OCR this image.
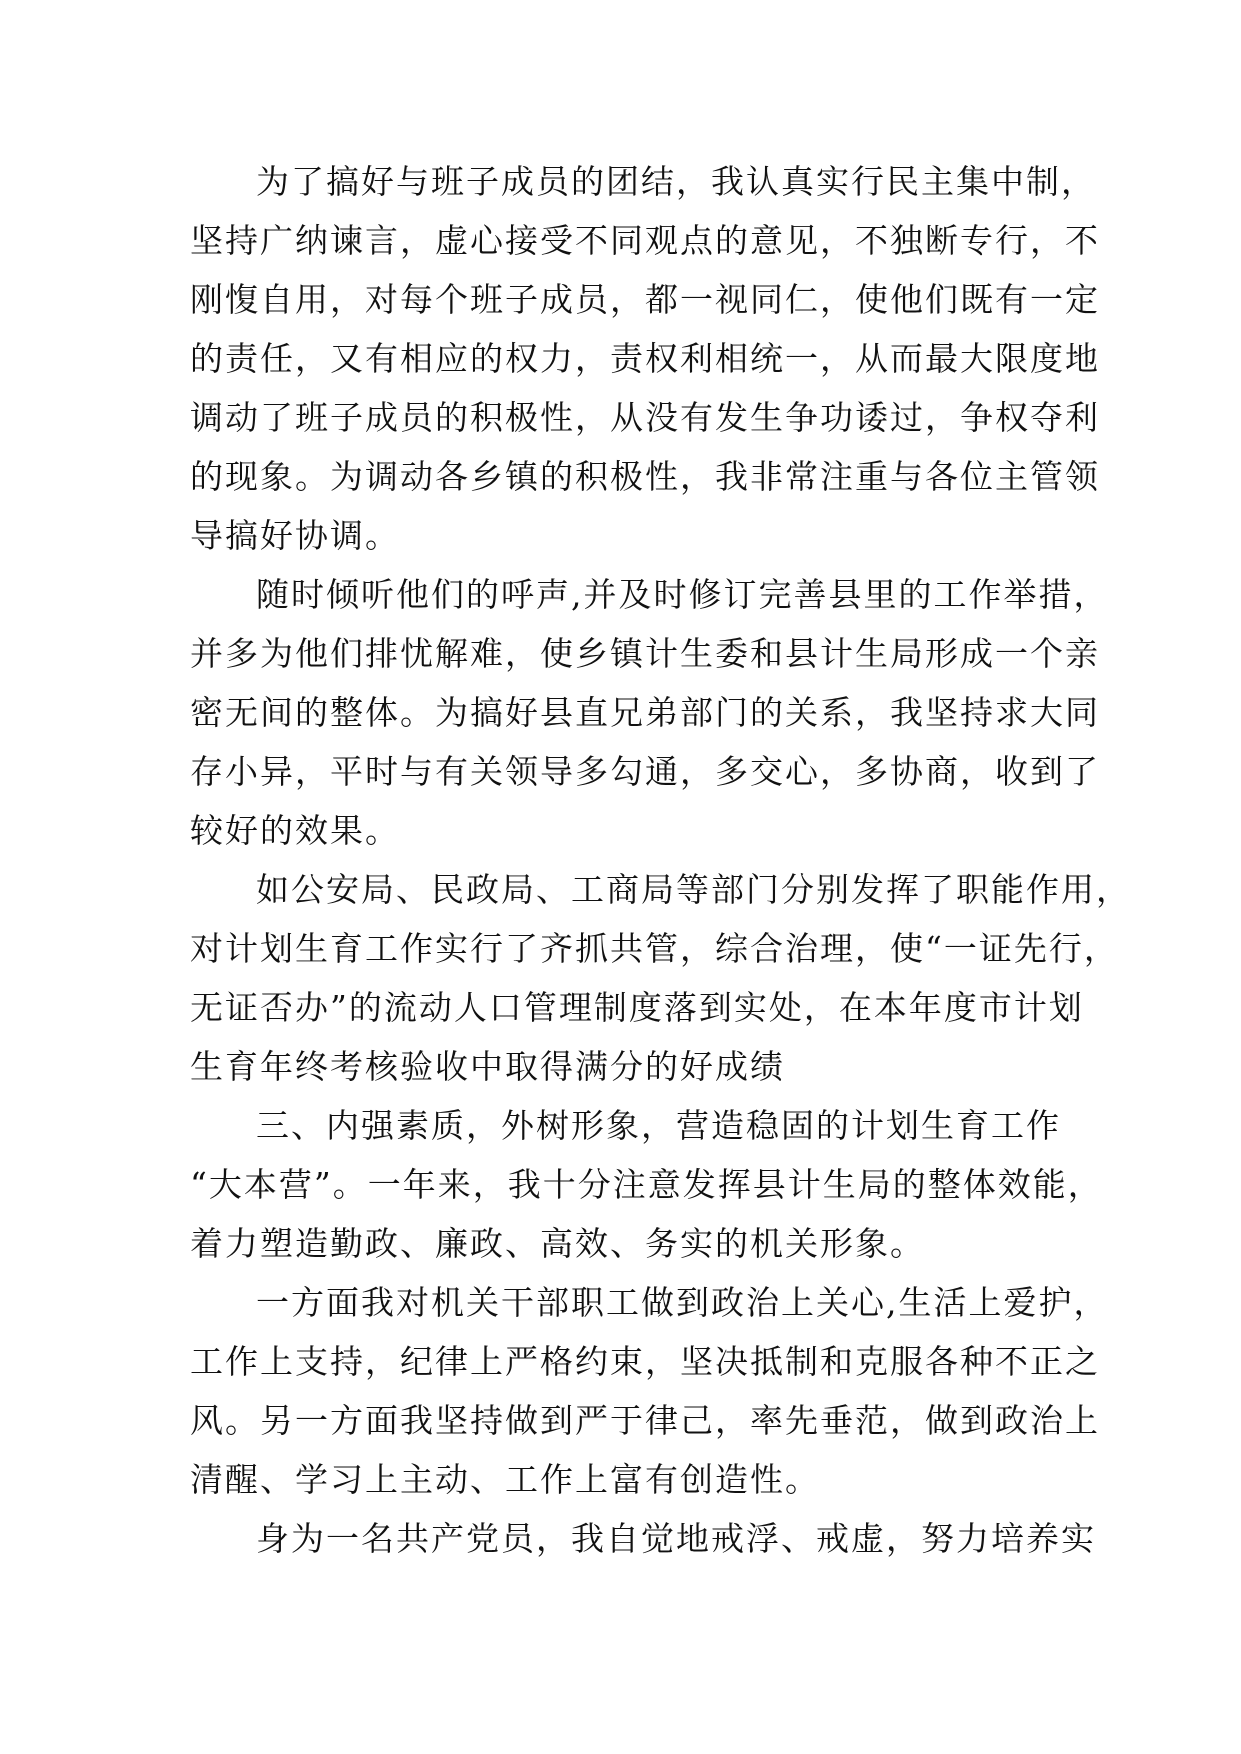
为了搞好与班子成员的团结，我认真实行民主集中制，
坚持广纳谏言，虚心接受不同观点的意见，不独断专行，不
刚愎自用，对每个班子成员，都一视同仁，使他们既有一定
的责任，又有相应的权力，责权利相统一，从而最大限度地
调动了班子成员的积极性，从没有发生争功诿过，争权夺利
的现象。为调动各乡镇的积极性，我非常注重与各位主管领
导搞好协调。
随时倾听他们的呼声,并及时修订完善县里的工作举措，
并多为他们排忧解难，使乡镇计生委和县计生局形成一个亲
密无间的整体。为搞好县直兄弟部门的关系，我坚持求大同
存小异，平时与有关领导多勾通，多交心，多协商，收到了
较好的效果。
如公安局、民政局、工商局等部门分别发挥了职能作用，
对计划生育工作实行了齐抓共管，综合治理，使“一证先行，
无证否办”的流动人口管理制度落到实处，在本年度市计划
生育年终考核验收中取得满分的好成绩
三、内强素质，外树形象，营造稳固的计划生育工作
“大本营”。一年来，我十分注意发挥县计生局的整体效能，
着力塑造勤政、廉政、高效、务实的机关形象。
一方面我对机关干部职工做到政治上关心,生活上爱护，
工作上支持，纪律上严格约束，坚决抵制和克服各种不正之
风。另一方面我坚持做到严于律己，率先垂范，做到政治上
清醒、学习上主动、工作上富有创造性。
身为一名共产党员，我自觉地戒浮、戒虚，努力培养实
